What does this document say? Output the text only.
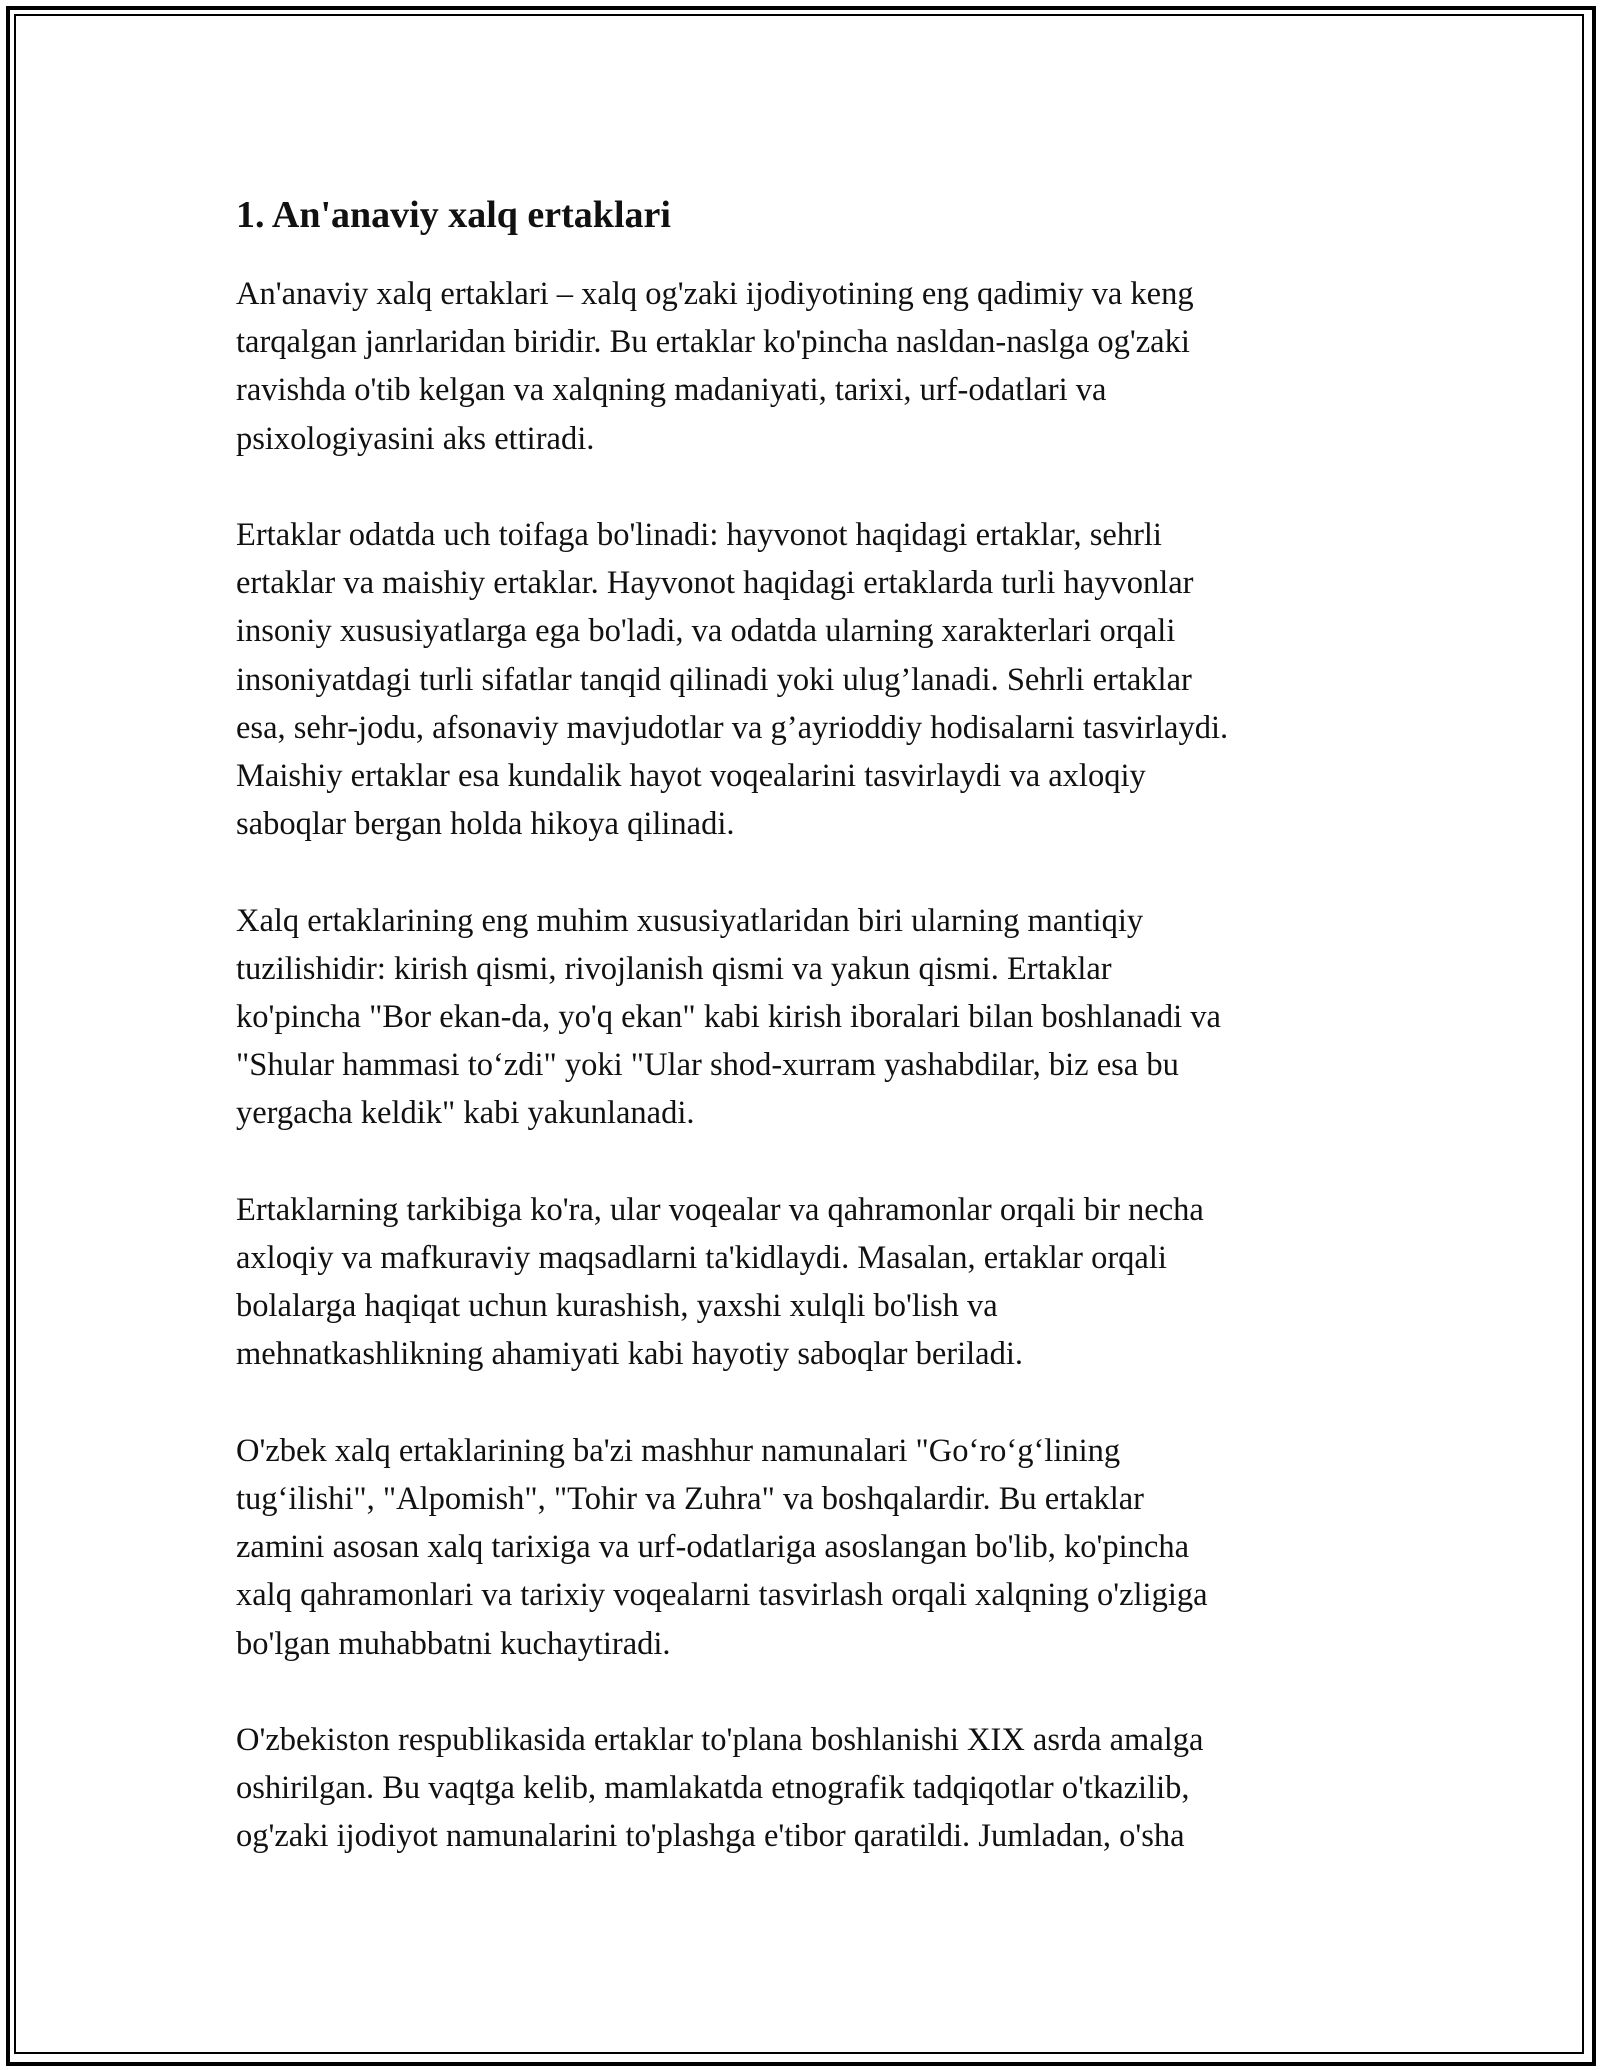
1. An'anaviy xalq ertaklari

An'anaviy xalq ertaklari – xalq og'zaki ijodiyotining eng qadimiy va keng
tarqalgan janrlaridan biridir. Bu ertaklar ko'pincha nasldan-naslga og'zaki
ravishda o'tib kelgan va xalqning madaniyati, tarixi, urf-odatlari va
psixologiyasini aks ettiradi.

Ertaklar odatda uch toifaga bo'linadi: hayvonot haqidagi ertaklar, sehrli
ertaklar va maishiy ertaklar. Hayvonot haqidagi ertaklarda turli hayvonlar
insoniy xususiyatlarga ega bo'ladi, va odatda ularning xarakterlari orqali
insoniyatdagi turli sifatlar tanqid qilinadi yoki ulug’lanadi. Sehrli ertaklar
esa, sehr-jodu, afsonaviy mavjudotlar va g’ayrioddiy hodisalarni tasvirlaydi.
Maishiy ertaklar esa kundalik hayot voqealarini tasvirlaydi va axloqiy
saboqlar bergan holda hikoya qilinadi.

Xalq ertaklarining eng muhim xususiyatlaridan biri ularning mantiqiy
tuzilishidir: kirish qismi, rivojlanish qismi va yakun qismi. Ertaklar
ko'pincha "Bor ekan-da, yo'q ekan" kabi kirish iboralari bilan boshlanadi va
"Shular hammasi to‘zdi" yoki "Ular shod-xurram yashabdilar, biz esa bu
yergacha keldik" kabi yakunlanadi.

Ertaklarning tarkibiga ko'ra, ular voqealar va qahramonlar orqali bir necha
axloqiy va mafkuraviy maqsadlarni ta'kidlaydi. Masalan, ertaklar orqali
bolalarga haqiqat uchun kurashish, yaxshi xulqli bo'lish va
mehnatkashlikning ahamiyati kabi hayotiy saboqlar beriladi.

O'zbek xalq ertaklarining ba'zi mashhur namunalari "Go‘ro‘g‘lining
tug‘ilishi", "Alpomish", "Tohir va Zuhra" va boshqalardir. Bu ertaklar
zamini asosan xalq tarixiga va urf-odatlariga asoslangan bo'lib, ko'pincha
xalq qahramonlari va tarixiy voqealarni tasvirlash orqali xalqning o'zligiga
bo'lgan muhabbatni kuchaytiradi.

O'zbekiston respublikasida ertaklar to'plana boshlanishi XIX asrda amalga
oshirilgan. Bu vaqtga kelib, mamlakatda etnografik tadqiqotlar o'tkazilib,
og'zaki ijodiyot namunalarini to'plashga e'tibor qaratildi. Jumladan, o'sha
